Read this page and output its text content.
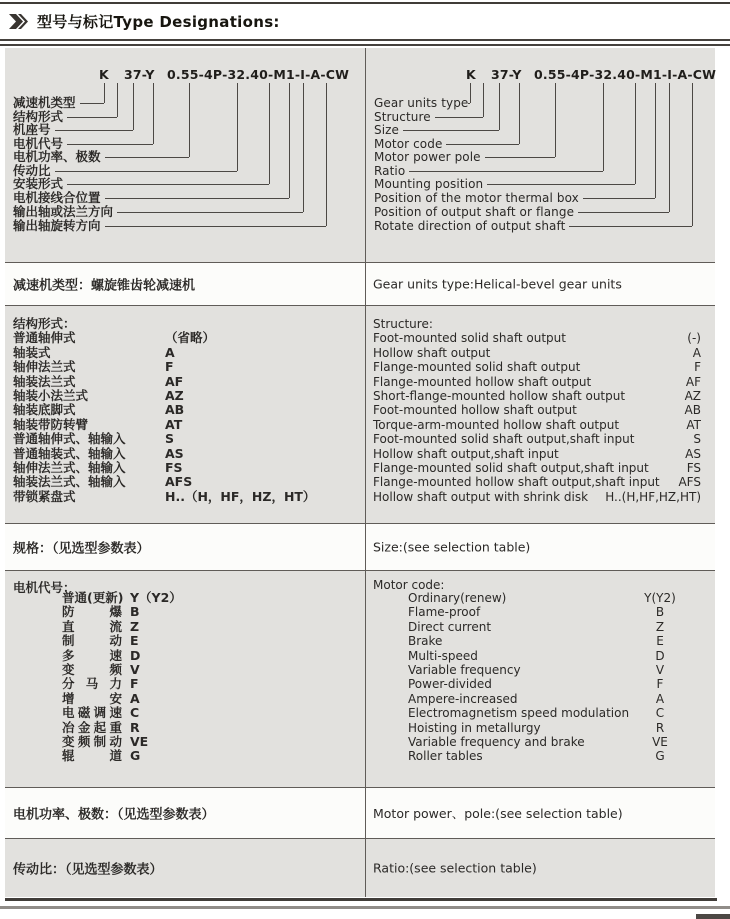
型号与标记Type Designations:
K 37-Y 0.55-4P-32.40-M1-I-A-CW
减速机类型
结构形式
机座号
电机代号
电机功率、极数
传动比
安装形式
电机接线合位置
输出轴或法兰方向
输出轴旋转方向
K 37-Y 0.55-4P-32.40-M1-I-A-CW
Gear units type
Structure
Size
Motor code
Motor power pole
Ratio
Mounting position
Position of the motor thermal box
Position of output shaft or flange
Rotate direction of output shaft
减速机类型：螺旋锥齿轮减速机	Gear units type:Helical-bevel gear units
结构形式：
普通轴伸式	（省略）
轴装式	A
轴伸法兰式	F
轴装法兰式	AF
轴装小法兰式	AZ
轴装底脚式	AB
轴装带防转臂	AT
普通轴伸式、轴输入	S
普通轴装式、轴输入	AS
轴伸法兰式、轴输入	FS
轴装法兰式、轴输入	AFS
带锁紧盘式	H..（H，HF，HZ，HT）
Structure:
Foot-mounted solid shaft output	(-)
Hollow shaft output	A
Flange-mounted solid shaft output	F
Flange-mounted hollow shaft output	AF
Short-flange-mounted hollow shaft output	AZ
Foot-mounted hollow shaft output	AB
Torque-arm-mounted hollow shaft output	AT
Foot-mounted solid shaft output,shaft input	S
Hollow shaft output,shaft input	AS
Flange-mounted solid shaft output,shaft input	FS
Flange-mounted hollow shaft output,shaft input AFS
Hollow shaft output with shrink disk H..(H,HF,HZ,HT)
规格：（见选型参数表）	Size:(see selection table)
电机代号：
普通(更新) Y（Y2）
防爆 B
直流 Z
制动 E
多速 D
变频 V
分马力 F
增安 A
电磁调速 C
冶金起重 R
变频制动 VE
辊道 G
Motor code:
Ordinary(renew)	Y(Y2)
Flame-proof	B
Direct current	Z
Brake	E
Multi-speed	D
Variable frequency	V
Power-divided	F
Ampere-increased	A
Electromagnetism speed modulation	C
Hoisting in metallurgy	R
Variable frequency and brake	VE
Roller tables	G
电机功率、极数：（见选型参数表）	Motor power、pole:(see selection table)
传动比：（见选型参数表）	Ratio:(see selection table)
